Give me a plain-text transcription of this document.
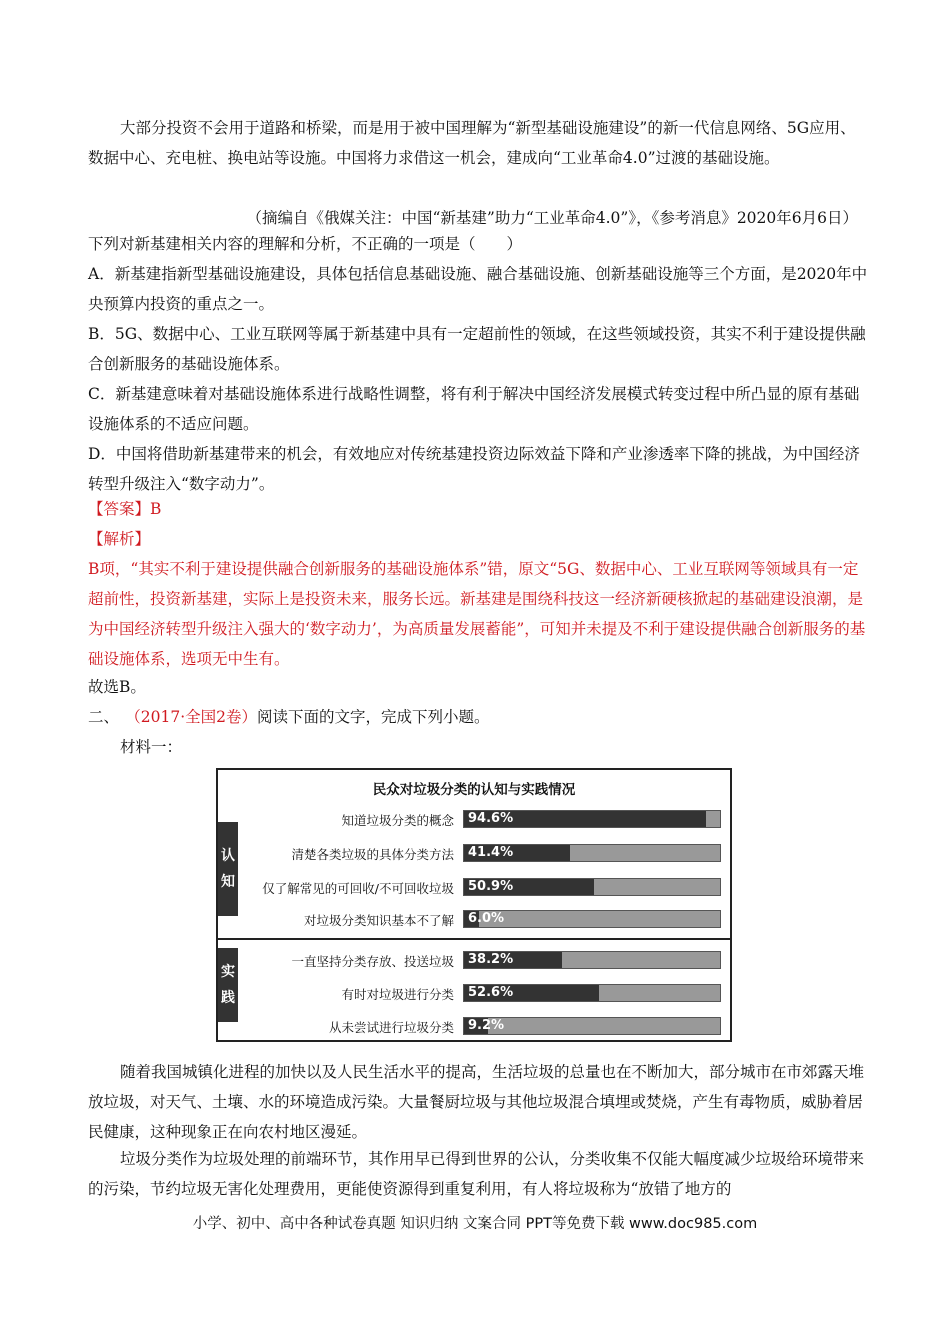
大部分投资不会用于道路和桥梁，而是用于被中国理解为“新型基础设施建设”的新一代信息网络、5G应用、数据中心、充电桩、换电站等设施。中国将力求借这一机会，建成向“工业革命4.0”过渡的基础设施。

（摘编自《俄媒关注：中国“新基建”助力“工业革命4.0”》，《参考消息》2020年6月6日）

下列对新基建相关内容的理解和分析，不正确的一项是（　　）

A．新基建指新型基础设施建设，具体包括信息基础设施、融合基础设施、创新基础设施等三个方面，是2020年中央预算内投资的重点之一。

B．5G、数据中心、工业互联网等属于新基建中具有一定超前性的领域，在这些领域投资，其实不利于建设提供融合创新服务的基础设施体系。

C．新基建意味着对基础设施体系进行战略性调整，将有利于解决中国经济发展模式转变过程中所凸显的原有基础设施体系的不适应问题。

D．中国将借助新基建带来的机会，有效地应对传统基建投资边际效益下降和产业渗透率下降的挑战，为中国经济转型升级注入“数字动力”。

【答案】B

【解析】

B项，“其实不利于建设提供融合创新服务的基础设施体系”错，原文“5G、数据中心、工业互联网等领域具有一定超前性，投资新基建，实际上是投资未来，服务长远。新基建是围绕科技这一经济新硬核掀起的基础建设浪潮，是为中国经济转型升级注入强大的‘数字动力’，为高质量发展蓄能”，可知并未提及不利于建设提供融合创新服务的基础设施体系，选项无中生有。

故选B。

二、 （2017·全国2卷）阅读下面的文字，完成下列小题。

材料一：

民众对垃圾分类的认知与实践情况
认
知
知道垃圾分类的概念 94.6%
清楚各类垃圾的具体分类方法 41.4%
仅了解常见的可回收/不可回收垃圾 50.9%
对垃圾分类知识基本不了解 6.0%
实
践
一直坚持分类存放、投送垃圾 38.2%
有时对垃圾进行分类 52.6%
从未尝试进行垃圾分类 9.2%

随着我国城镇化进程的加快以及人民生活水平的提高，生活垃圾的总量也在不断加大，部分城市在市郊露天堆放垃圾，对天气、土壤、水的环境造成污染。大量餐厨垃圾与其他垃圾混合填埋或焚烧，产生有毒物质，威胁着居民健康，这种现象正在向农村地区漫延。

垃圾分类作为垃圾处理的前端环节，其作用早已得到世界的公认，分类收集不仅能大幅度减少垃圾给环境带来的污染，节约垃圾无害化处理费用，更能使资源得到重复利用，有人将垃圾称为“放错了地方的

小学、初中、高中各种试卷真题 知识归纳 文案合同 PPT等免费下载 www.doc985.com
